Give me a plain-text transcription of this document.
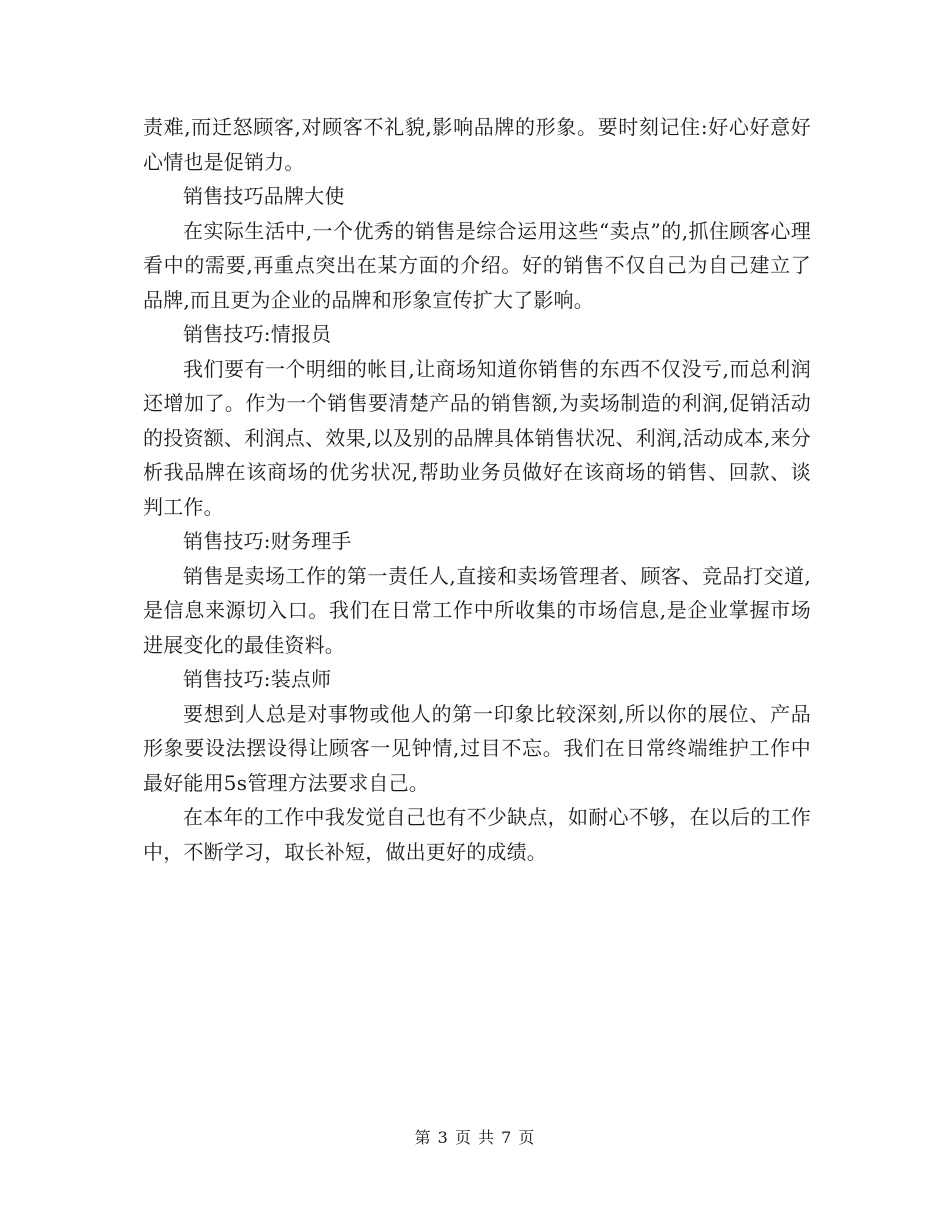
责难,而迁怒顾客,对顾客不礼貌,影响品牌的形象。要时刻记住:好心好意好心情也是促销力。

销售技巧品牌大使

在实际生活中,一个优秀的销售是综合运用这些“卖点”的,抓住顾客心理看中的需要,再重点突出在某方面的介绍。好的销售不仅自己为自己建立了品牌,而且更为企业的品牌和形象宣传扩大了影响。

销售技巧:情报员

我们要有一个明细的帐目,让商场知道你销售的东西不仅没亏,而总利润还增加了。作为一个销售要清楚产品的销售额,为卖场制造的利润,促销活动的投资额、利润点、效果,以及别的品牌具体销售状况、利润,活动成本,来分析我品牌在该商场的优劣状况,帮助业务员做好在该商场的销售、回款、谈判工作。

销售技巧:财务理手

销售是卖场工作的第一责任人,直接和卖场管理者、顾客、竞品打交道,是信息来源切入口。我们在日常工作中所收集的市场信息,是企业掌握市场进展变化的最佳资料。

销售技巧:装点师

要想到人总是对事物或他人的第一印象比较深刻,所以你的展位、产品形象要设法摆设得让顾客一见钟情,过目不忘。我们在日常终端维护工作中最好能用5s管理方法要求自己。

在本年的工作中我发觉自己也有不少缺点，如耐心不够，在以后的工作中，不断学习，取长补短，做出更好的成绩。

第 3 页 共 7 页
